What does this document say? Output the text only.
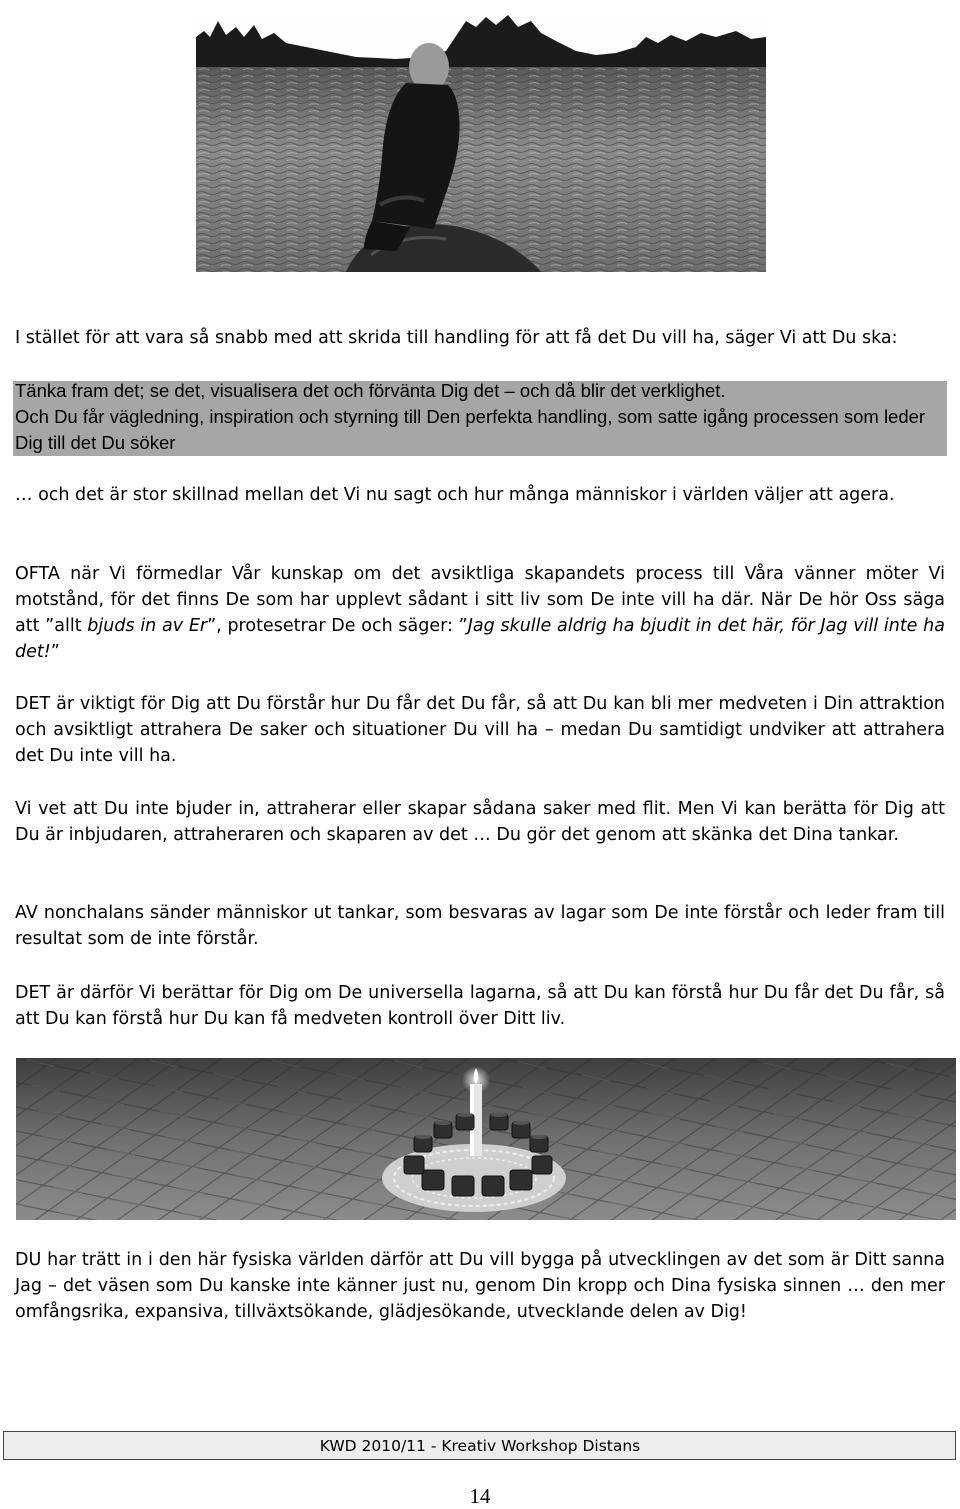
I stället för att vara så snabb med att skrida till handling för att få det Du vill ha, säger Vi att Du ska:

Tänka fram det; se det, visualisera det och förvänta Dig det – och då blir det verklighet.

Och Du får vägledning, inspiration och styrning till Den perfekta handling, som satte igång processen som leder Dig till det Du söker

… och det är stor skillnad mellan det Vi nu sagt och hur många människor i världen väljer att agera.

OFTA när Vi förmedlar Vår kunskap om det avsiktliga skapandets process till Våra vänner möter Vi motstånd, för det finns De som har upplevt sådant i sitt liv som De inte vill ha där. När De hör Oss säga att ”allt bjuds in av Er”, protesetrar De och säger: ”Jag skulle aldrig ha bjudit in det här, för Jag vill inte ha det!”

DET är viktigt för Dig att Du förstår hur Du får det Du får, så att Du kan bli mer medveten i Din attraktion och avsiktligt attrahera De saker och situationer Du vill ha – medan Du samtidigt undviker att attrahera det Du inte vill ha.

Vi vet att Du inte bjuder in, attraherar eller skapar sådana saker med flit. Men Vi kan berätta för Dig att Du är inbjudaren, attraheraren och skaparen av det … Du gör det genom att skänka det Dina tankar.

AV nonchalans sänder människor ut tankar, som besvaras av lagar som De inte förstår och leder fram till resultat som de inte förstår.

DET är därför Vi berättar för Dig om De universella lagarna, så att Du kan förstå hur Du får det Du får, så att Du kan förstå hur Du kan få medveten kontroll över Ditt liv.

DU har trätt in i den här fysiska världen därför att Du vill bygga på utvecklingen av det som är Ditt sanna Jag – det väsen som Du kanske inte känner just nu, genom Din kropp och Dina fysiska sinnen … den mer omfångsrika, expansiva, tillväxtsökande, glädjesökande, utvecklande delen av Dig!

KWD 2010/11 - Kreativ Workshop Distans
14
